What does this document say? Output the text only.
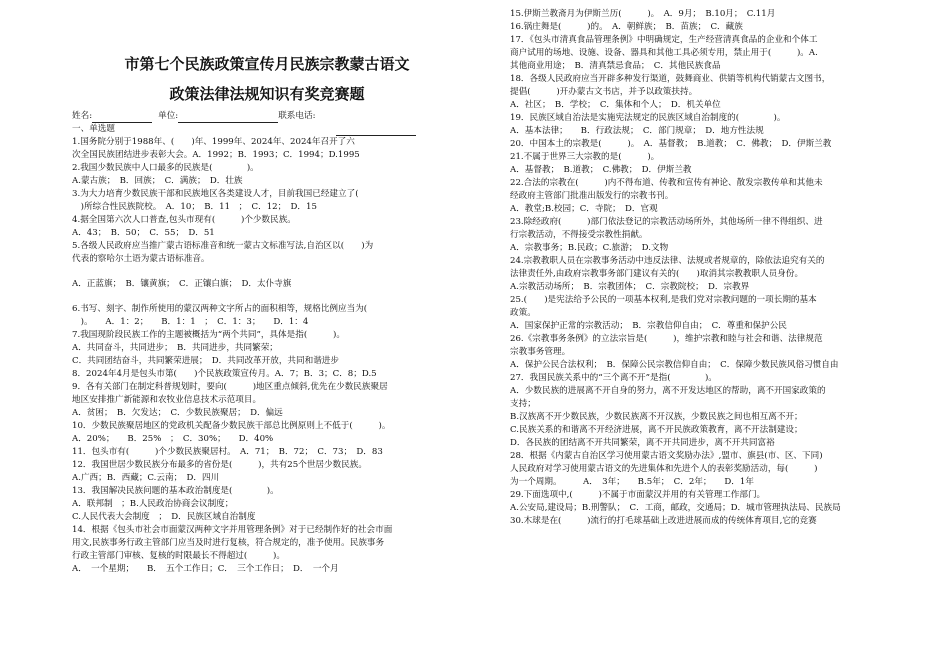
市第七个民族政策宣传月民族宗教蒙古语文

政策法律法规知识有奖竞赛题

姓名:	单位:	联系电话:
一、单选题
1.国务院分别于1988年、(　　)年、1999年、2024年、2024年召开了六
次全国民族团结进步表彰大会。A．1992；B．1993；C．1994；D.1995
2.我国少数民族中人口最多的民族是(　　　　)。
A.蒙古族；　B．回族；　C．满族；　D．壮族
3.为大力培育少数民族干部和民族地区各类建设人才，目前我国已经建立了(
　)所综合性民族院校。　A．10；　B．11　；　C．12；　D．15
4.据全国第六次人口普查,包头市现有(　　　)个少数民族。
A．43；　B．50；　C．55；　D．51
5.各级人民政府应当推广蒙古语标准音和统一蒙古文标准写法,自治区以(　　)为
代表的察哈尔土语为蒙古语标准音。
A．正蓝旗；　B．镶黄旗；　C．正镶白旗；　D．太仆寺旗
6.书写、刻字、制作所使用的蒙汉两种文字所占的面积相等，规格比例应当为(
　)。　　A．1：2；　　B．1：1　；　C．1：3；　　D．1：4
7.我国现阶段民族工作的主题被概括为“两个共同”，具体是指(　　　)。
A．共同奋斗，共同进步；　B．共同进步，共同繁荣；
C．共同团结奋斗，共同繁荣进展；　D．共同改革开放，共同和谐进步
8．2024年4月是包头市第(　　)个民族政策宣传月。A．7；B．3；C．8；D.5
9．各有关部门在制定科普规划时，要向(　　　)地区重点倾斜,优先在少数民族聚居
地区安排推广新能源和农牧业信息技术示范项目。
A．贫困；　B．欠发达；　C．少数民族聚居；　D．偏远
10．少数民族聚居地区的党政机关配备少数民族干部总比例原则上不低于(　　　)。
A．20%；　　B．25%　；　C．30%；　　D．40%
11．包头市有(　　　)个少数民族聚居村。　A．71；　B．72；　C．73；　D．83
12．我国世居少数民族分布最多的省份是(　　　)，共有25个世居少数民族。
A.广西；B．西藏；C.云南；　D．四川
13．我国解决民族问题的基本政治制度是(　　　　)。
A．联邦制　；B.人民政治协商会议制度；
C.人民代表大会制度　；　D．民族区域自治制度
14．根据《包头市社会市面蒙汉两种文字并用管理条例》对于已经制作好的社会市面
用文,民族事务行政主管部门应当及时进行复核，符合规定的，准予使用。民族事务
行政主管部门审核、复核的时限最长不得超过(　　　)。
A．　一个星期；　　B．　五个工作日；C．　三个工作日；　D．　一个月
15.伊斯兰教斋月为伊斯兰历(　　　)。　A．9月；　B.10月；　C.11月
16.锅庄舞是(　　　)的。　A．朝鲜族；　B．苗族；　C．藏族
17．《包头市清真食品管理条例》中明确规定，生产经营清真食品的企业和个体工
商户试用的场地、设施、设备、器具和其他工具必须专用，禁止用于(　　　)。A.
其他商业用途；　B．清真禁忌食品；　C．其他民族食品
18．各级人民政府应当开辟多种发行渠道，鼓舞商业、供销等机构代销蒙古文图书，
提倡(　　　)开办蒙古文书店，并予以政策扶持。
A．社区；　B．学校；　C．集体和个人；　D．机关单位
19．民族区域自治法是实施宪法规定的民族区域自治制度的(　　　　)。
A．基本法律；　　B．行政法规；　C．部门规章；　D．地方性法规
20．中国本土的宗教是(　　　)。　A．基督教；　B.道教；　C．佛教；　D．伊斯兰教
21.不属于世界三大宗教的是(　　　)。
A．基督教；　B.道教；　C.佛教；　D．伊斯兰教
22.合法的宗教在(　　　)内不得布道、传教和宣传有神论、散发宗教传单和其他未
经政府主管部门批准出版发行的宗教书刊。
A．教堂;B.校园；C．寺院；　D．官观
23.除经政府(　　　)部门依法登记的宗教活动场所外，其他场所一律不得组织、进
行宗教活动，不得接受宗教性捐献。
A．宗教事务；B.民政；C.旅游；　D.文物
24.宗教教职人员在宗教事务活动中违反法律、法规或者规章的，除依法追究有关的
法律责任外,由政府宗教事务部门建议有关的(　　)取消其宗教教职人员身份。
A.宗教活动场所；　B．宗教团体；　C．宗教院校；　D．宗教界
25.(　　)是宪法给予公民的一项基本权利,是我们党对宗教问题的一项长期的基本
政策。
A．国家保护正常的宗教活动；　B．宗教信仰自由；　C．尊重和保护公民
26.《宗教事务条例》的立法宗旨是(　　　)，维护宗教和睦与社会和谐、法律规范
宗教事务管理。
A．保护公民合法权利；　B．保障公民宗教信仰自由；　C．保障少数民族风俗习惯自由
27．我国民族关系中的“三个离不开”是指(　　　　)。
A．少数民族的进展离不开自身的努力，离不开发达地区的帮助，离不开国家政策的
支持；
B.汉族离不开少数民族，少数民族离不开汉族，少数民族之间也相互离不开；
C.民族关系的和谐离不开经济进展，离不开民族政策教育，离不开法制建设；
D．各民族的团结离不开共同繁荣，离不开共同进步，离不开共同富裕
28．根据《内蒙古自治区学习使用蒙古语文奖励办法》,盟市、旗县(市、区、下同)
人民政府对学习使用蒙古语文的先进集体和先进个人的表彰奖励活动，每(　　　)
为一个周期。　　　A．　3年；　　B.5年；　C．2年；　　D．1年
29.下面选项中,(　　　)不属于市面蒙汉并用的有关管理工作部门。
A.公安局,建设局；B.刑警队；　C．工商，邮政，交通局；D．城市管理执法局、民族局
30.木球是在(　　　)流行的打毛球基础上改进进展而成的传统体育项目,它的竞赛
